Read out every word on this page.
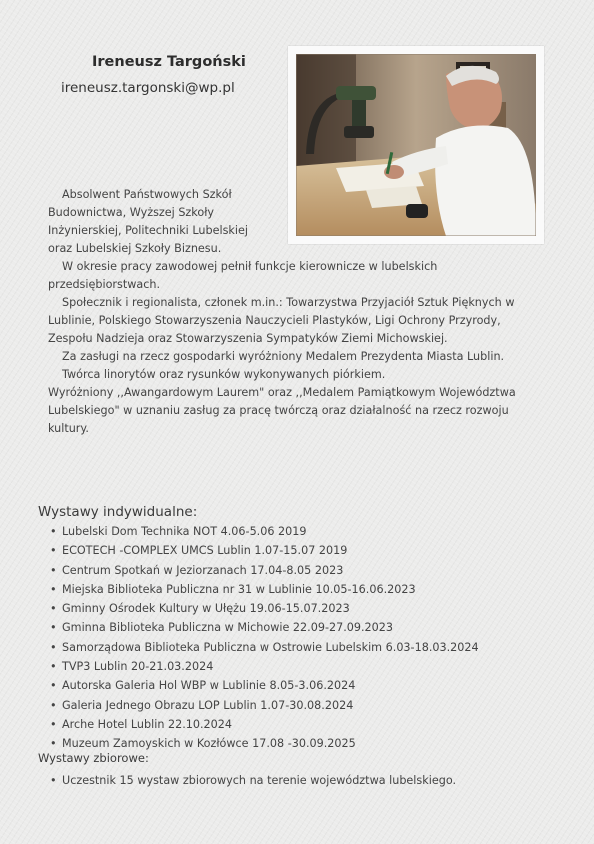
Ireneusz Targoński
ireneusz.targonski@wp.pl

Absolwent Państwowych Szkół Budownictwa, Wyższej Szkoły Inżynierskiej, Politechniki Lubelskiej oraz Lubelskiej Szkoły Biznesu.

W okresie pracy zawodowej pełnił funkcje kierownicze w lubelskich przedsiębiorstwach.

Społecznik i regionalista, członek m.in.: Towarzystwa Przyjaciół Sztuk Pięknych w Lublinie, Polskiego Stowarzyszenia Nauczycieli Plastyków, Ligi Ochrony Przyrody, Zespołu Nadzieja oraz Stowarzyszenia Sympatyków Ziemi Michowskiej.

Za zasługi na rzecz gospodarki wyróżniony Medalem Prezydenta Miasta Lublin.

Twórca linorytów oraz rysunków wykonywanych piórkiem.

Wyróżniony ,,Awangardowym Laurem" oraz ,,Medalem Pamiątkowym Województwa Lubelskiego" w uznaniu zasług za pracę twórczą oraz działalność na rzecz rozwoju kultury.

Wystawy indywidualne:
• Lubelski Dom Technika NOT 4.06-5.06 2019
• ECOTECH -COMPLEX UMCS Lublin 1.07-15.07 2019
• Centrum Spotkań w Jeziorzanach 17.04-8.05 2023
• Miejska Biblioteka Publiczna nr 31 w Lublinie 10.05-16.06.2023
• Gminny Ośrodek Kultury w Ułężu 19.06-15.07.2023
• Gminna Biblioteka Publiczna w Michowie 22.09-27.09.2023
• Samorządowa Biblioteka Publiczna w Ostrowie Lubelskim 6.03-18.03.2024
• TVP3 Lublin 20-21.03.2024
• Autorska Galeria Hol WBP w Lublinie 8.05-3.06.2024
• Galeria Jednego Obrazu LOP Lublin 1.07-30.08.2024
• Arche Hotel Lublin 22.10.2024
• Muzeum Zamoyskich w Kozłówce 17.08 -30.09.2025
Wystawy zbiorowe:
• Uczestnik 15 wystaw zbiorowych na terenie województwa lubelskiego.
